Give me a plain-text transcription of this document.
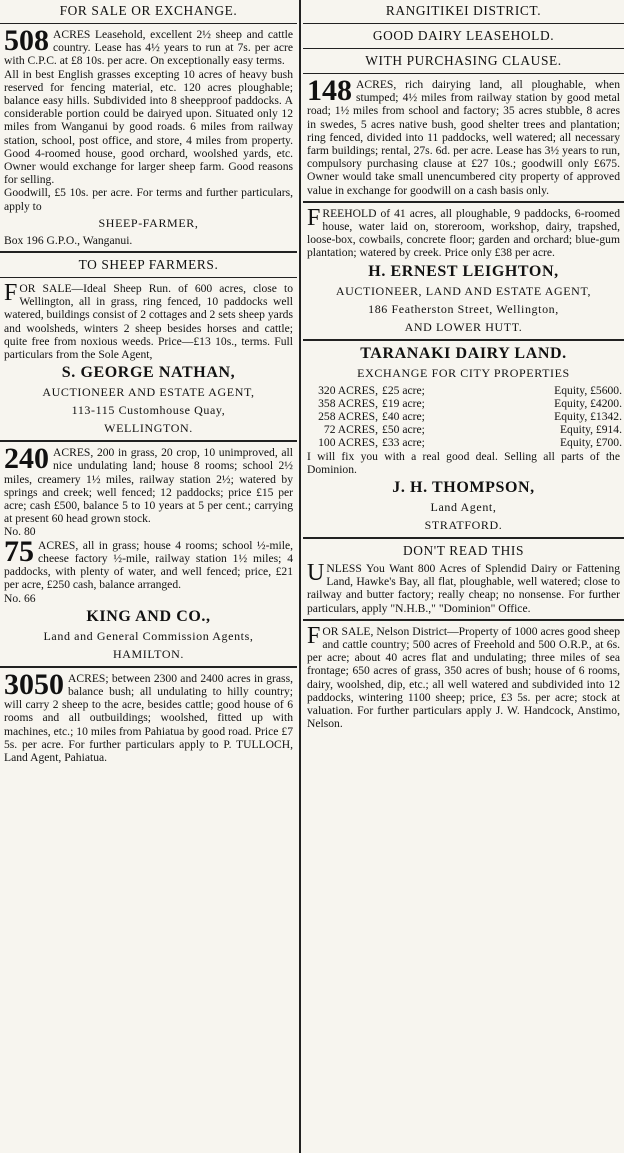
FOR SALE OR EXCHANGE.

508 ACRES Leasehold, excellent 2½ sheep and cattle country. Lease has 4½ years to run at 7s. per acre with C.P.C. at £8 10s. per acre. On exceptionally easy terms.

All in best English grasses excepting 10 acres of heavy bush reserved for fencing material, etc. 120 acres ploughable; balance easy hills. Subdivided into 8 sheepproof paddocks. A considerable portion could be dairyed upon. Situated only 12 miles from Wanganui by good roads. 6 miles from railway station, school, post office, and store, 4 miles from property. Good 4-roomed house, good orchard, woolshed yards, etc. Owner would exchange for larger sheep farm. Good reasons for selling.

Goodwill, £5 10s. per acre. For terms and further particulars, apply to

SHEEP-FARMER,

Box 196 G.P.O., Wanganui.

TO SHEEP FARMERS.

FOR SALE—Ideal Sheep Run. of 600 acres, close to Wellington, all in grass, ring fenced, 10 paddocks well watered, buildings consist of 2 cottages and 2 sets sheep yards and woolsheds, winters 2 sheep besides horses and cattle; quite free from noxious weeds. Price—£13 10s., terms. Full particulars from the Sole Agent,

S. GEORGE NATHAN,
AUCTIONEER AND ESTATE AGENT,
113-115 Customhouse Quay,
WELLINGTON.

240 ACRES, 200 in grass, 20 crop, 10 unimproved, all nice undulating land; house 8 rooms; school 2½ miles, creamery 1½ miles, railway station 2½; watered by springs and creek; well fenced; 12 paddocks; price £15 per acre; cash £500, balance 5 to 10 years at 5 per cent.; carrying at present 60 head grown stock.

No. 80

75 ACRES, all in grass; house 4 rooms; school ½-mile, cheese factory ½-mile, railway station 1½ miles; 4 paddocks, with plenty of water, and well fenced; price, £21 per acre, £250 cash, balance arranged.

No. 66

KING AND CO.,
Land and General Commission Agents,
HAMILTON.

3050 ACRES; between 2300 and 2400 acres in grass, balance bush; all undulating to hilly country; will carry 2 sheep to the acre, besides cattle; good house of 6 rooms and all outbuildings; woolshed, fitted up with machines, etc.; 10 miles from Pahiatua by good road. Price £7 5s. per acre. For further particulars apply to P. TULLOCH, Land Agent, Pahiatua.

RANGITIKEI DISTRICT.
GOOD DAIRY LEASEHOLD.
WITH PURCHASING CLAUSE.

148 ACRES, rich dairying land, all ploughable, when stumped; 4½ miles from railway station by good metal road; 1½ miles from school and factory; 35 acres stubble, 8 acres in swedes, 5 acres native bush, good shelter trees and plantation; ring fenced, divided into 11 paddocks, well watered; all necessary farm buildings; rental, 27s. 6d. per acre. Lease has 3½ years to run, compulsory purchasing clause at £27 10s.; goodwill only £675. Owner would take small unencumbered city property of approved value in exchange for goodwill on a cash basis only.

FREEHOLD of 41 acres, all ploughable, 9 paddocks, 6-roomed house, water laid on, storeroom, workshop, dairy, trapshed, loose-box, cowbails, concrete floor; garden and orchard; blue-gum plantation; watered by creek. Price only £38 per acre.

H. ERNEST LEIGHTON,
AUCTIONEER, LAND AND ESTATE AGENT,
186 Featherston Street, Wellington,
AND LOWER HUTT.
TARANAKI DAIRY LAND.
EXCHANGE FOR CITY PROPERTIES
320 ACRES,	£25 acre;	Equity, £5600.
358 ACRES,	£19 acre;	Equity, £4200.
258 ACRES,	£40 acre;	Equity, £1342.
72 ACRES,	£50 acre;	Equity, £914.
100 ACRES,	£33 acre;	Equity, £700.

I will fix you with a real good deal. Selling all parts of the Dominion.

J. H. THOMPSON,
Land Agent,
STRATFORD.
DON'T READ THIS

UNLESS You Want 800 Acres of Splendid Dairy or Fattening Land, Hawke's Bay, all flat, ploughable, well watered; close to railway and butter factory; really cheap; no nonsense. For further particulars, apply "N.H.B.," "Dominion" Office.

FOR SALE, Nelson District—Property of 1000 acres good sheep and cattle country; 500 acres of Freehold and 500 O.R.P., at 6s. per acre; about 40 acres flat and undulating; three miles of sea frontage; 650 acres of grass, 350 acres of bush; house of 6 rooms, dairy, woolshed, dip, etc.; all well watered and subdivided into 12 paddocks, wintering 1100 sheep; price, £3 5s. per acre; stock at valuation. For further particulars apply J. W. Handcock, Anstimo, Nelson.
